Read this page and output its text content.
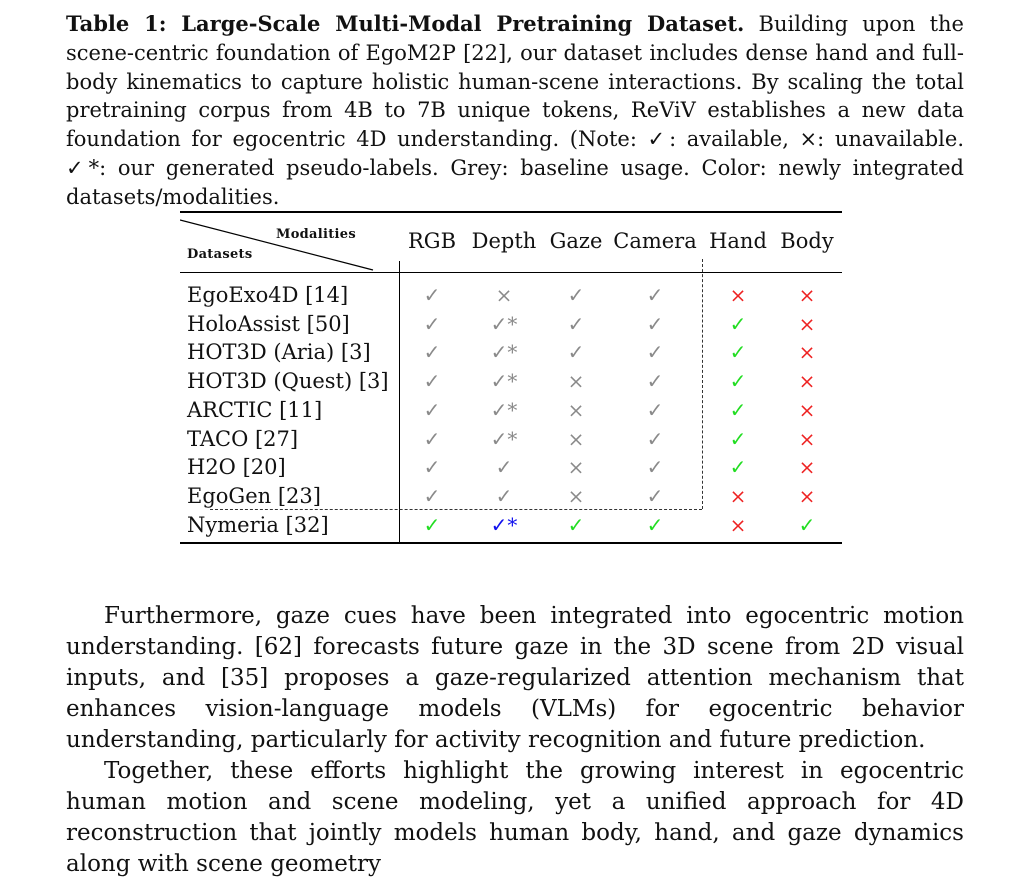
Table 1: Large-Scale Multi-Modal Pretraining Dataset. Building upon the scene-centric foundation of EgoM2P [22], our dataset includes dense hand and full-body kinematics to capture holistic human-scene interactions. By scaling the total pretraining corpus from 4B to 7B unique tokens, ReViV establishes a new data foundation for egocentric 4D understanding. (Note: ✓: available, ×: unavailable. ✓*: our generated pseudo-labels. Grey: baseline usage. Color: newly integrated datasets/modalities.
Modalities
Datasets
RGB Depth Gaze Camera Hand Body
EgoExo4D [14]	✓	×	✓	✓	×	×
HoloAssist [50]	✓	✓*	✓	✓	✓	×
HOT3D (Aria) [3]	✓	✓*	✓	✓	✓	×
HOT3D (Quest) [3] ✓	✓*	×	✓	✓	×
ARCTIC [11]	✓	✓*	×	✓	✓	×
TACO [27]	✓	✓*	×	✓	✓	×
H2O [20]	✓	✓	×	✓	✓	×
EgoGen [23]	✓	✓	×	✓	×	×
Nymeria [32]	✓	✓*	✓	✓	×	✓

Furthermore, gaze cues have been integrated into egocentric motion understanding. [62] forecasts future gaze in the 3D scene from 2D visual inputs, and [35] proposes a gaze-regularized attention mechanism that enhances vision-language models (VLMs) for egocentric behavior understanding, particularly for activity recognition and future prediction.

Together, these efforts highlight the growing interest in egocentric human motion and scene modeling, yet a unified approach for 4D reconstruction that jointly models human body, hand, and gaze dynamics along with scene geometry
